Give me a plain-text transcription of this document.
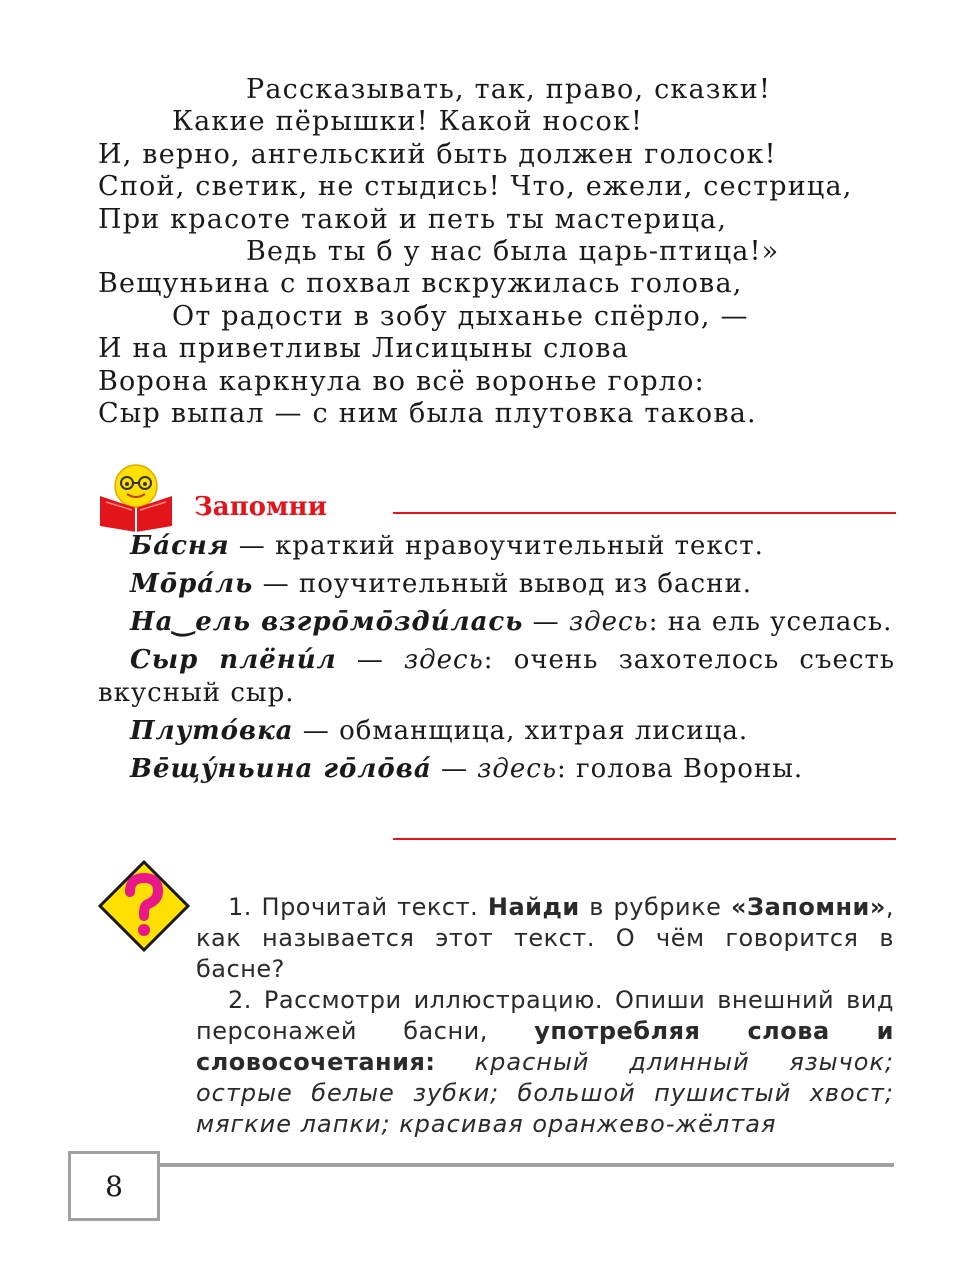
Рассказывать, так, право, сказки!
Какие пёрышки! Какой носок!
И, верно, ангельский быть должен голосок!
Спой, светик, не стыдись! Что, ежели, сестрица,
При красоте такой и петь ты мастерица,
Ведь ты б у нас была царь-птица!»
Вещуньина с похвал вскружилась голова,
От радости в зобу дыханье спёрло, —
И на приветливы Лисицыны слова
Ворона каркнула во всё воронье горло:
Сыр выпал — с ним была плутовка такова.
Запомни
Ба́сня — краткий нравоучительный текст.
Мо̄ра́ль — поучительный вывод из басни.
На‿ель взгро̄мо̄зди́лась — здесь: на ель уселась.
Сыр плёни́л — здесь: очень захотелось съесть вкусный сыр.
Плуто́вка — обманщица, хитрая лисица.
Ве̄щу́ньина го̄ло̄ва́ — здесь: голова Вороны.

1. Прочитай текст. Найди в рубрике «Запомни», как называется этот текст. О чём говорится в басне?

2. Рассмотри иллюстрацию. Опиши внешний вид персонажей басни, употребляя слова и словосочетания: красный длинный язычок; острые белые зубки; большой пушистый хвост; мягкие лапки; красивая оранжево-жёлтая

8
